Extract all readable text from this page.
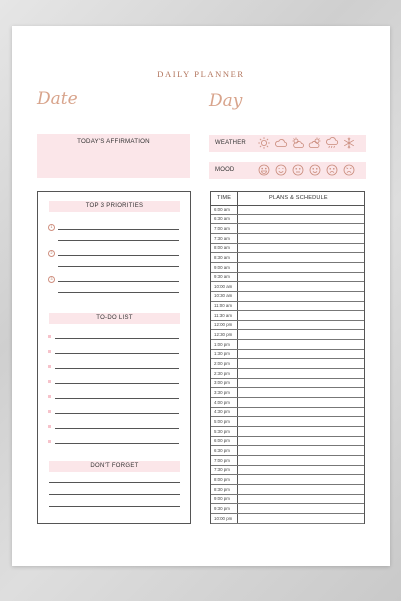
DAILY PLANNER
Date	Day
TODAY'S AFFIRMATION	WEATHER
MOOD
TOP 3 PRIORITIES
1
2
3
TO-DO LIST
DON'T FORGET
TIME	PLANS & SCHEDULE
6:00 am
6:30 am
7:00 am
7:30 am
8:00 am
8:30 am
9:00 am
9:30 am
10:00 am
10:30 am
11:00 am
11:30 am
12:00 pm
12:30 pm
1:00 pm
1:30 pm
2:00 pm
2:30 pm
3:00 pm
3:30 pm
4:00 pm
4:30 pm
5:00 pm
5:30 pm
6:00 pm
6:30 pm
7:00 pm
7:30 pm
8:00 pm
8:30 pm
9:00 pm
9:30 pm
10:00 pm
